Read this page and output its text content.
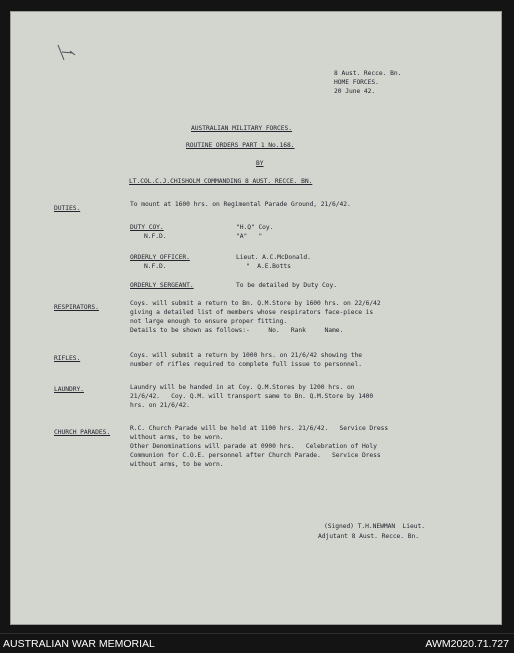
8 Aust. Recce. Bn.
HOME FORCES.
20 June 42.
AUSTRALIAN MILITARY FORCES.
ROUTINE ORDERS PART 1 No.168.
BY
LT.COL.C.J.CHISHOLM COMMANDING 8 AUST. RECCE. BN.
DUTIES.
To mount at 1600 hrs. on Regimental Parade Ground, 21/6/42.
DUTY COY.	"H.Q" Coy.
N.F.D.	"A"   "
ORDERLY OFFICER.	Lieut. A.C.McDonald.
N.F.D.	"  A.E.Botts
ORDERLY SERGEANT.	To be detailed by Duty Coy.
RESPIRATORS.
Coys. will submit a return to Bn. Q.M.Store by 1600 hrs. on 22/6/42
giving a detailed list of members whose respirators face-piece is
not large enough to ensure proper fitting.
Details to be shown as follows:-     No.   Rank     Name.
RIFLES.	Coys. will submit a return by 1000 hrs. on 21/6/42 showing the
number of rifles required to complete full issue to personnel.
LAUNDRY.	Laundry will be handed in at Coy. Q.M.Stores by 1200 hrs. on
21/6/42.   Coy. Q.M. will transport same to Bn. Q.M.Store by 1400
hrs. on 21/6/42.
CHURCH PARADES.
R.C. Church Parade will be held at 1100 hrs. 21/6/42.   Service Dress
without arms, to be worn.
Other Denominations will parade at 0900 hrs.   Celebration of Holy
Communion for C.O.E. personnel after Church Parade.   Service Dress
without arms, to be worn.
(Signed) T.H.NEWMAN  Lieut.
Adjutant 8 Aust. Recce. Bn.
AUSTRALIAN WAR MEMORIAL	AWM2020.71.727
